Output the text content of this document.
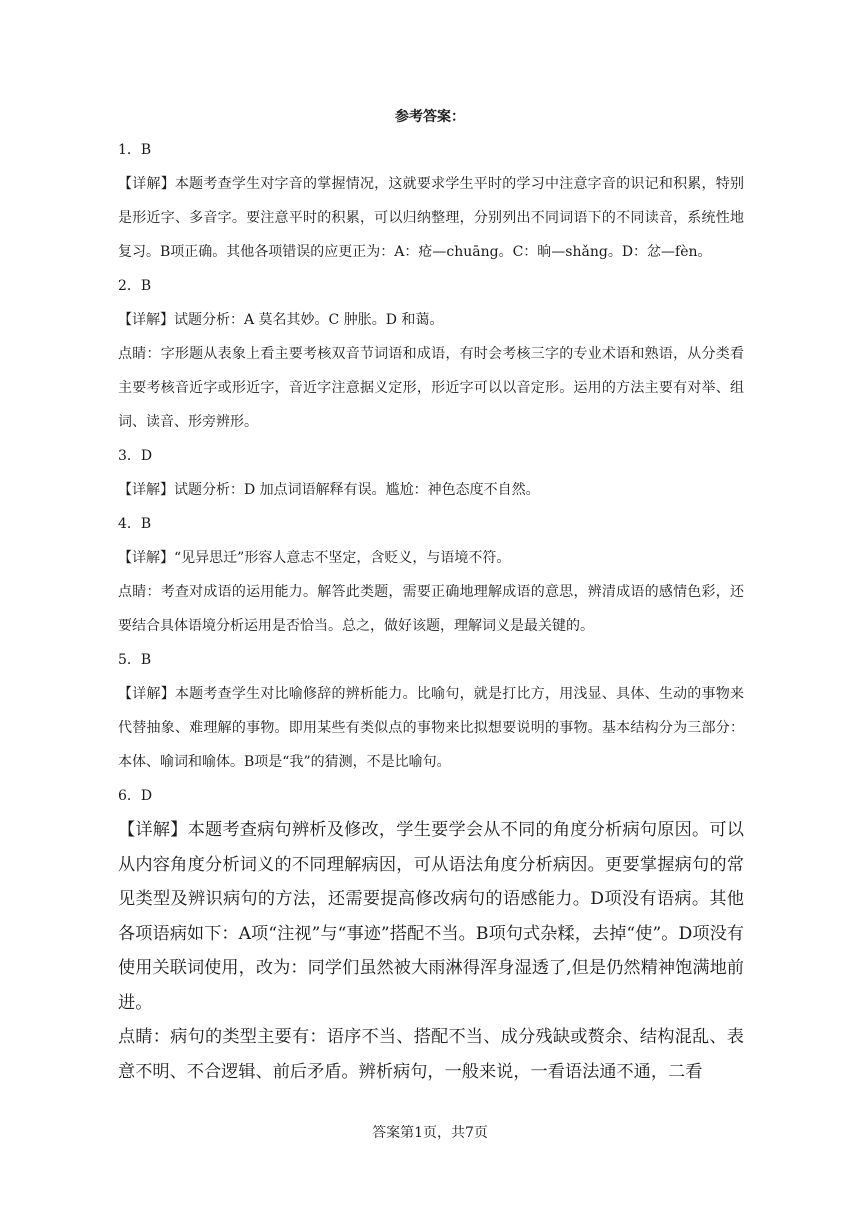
参考答案：

1．B

【详解】本题考查学生对字音的掌握情况，这就要求学生平时的学习中注意字音的识记和积累，特别是形近字、多音字。要注意平时的积累，可以归纳整理，分别列出不同词语下的不同读音，系统性地复习。B项正确。其他各项错误的应更正为：A：疮—chuāng。C：晌—shǎng。D：忿—fèn。

2．B

【详解】试题分析：A 莫名其妙。C 肿胀。D 和蔼。

点睛：字形题从表象上看主要考核双音节词语和成语，有时会考核三字的专业术语和熟语，从分类看主要考核音近字或形近字，音近字注意据义定形，形近字可以以音定形。运用的方法主要有对举、组词、读音、形旁辨形。

3．D

【详解】试题分析：D 加点词语解释有误。尴尬：神色态度不自然。

4．B

【详解】“见异思迁”形容人意志不坚定，含贬义，与语境不符。

点睛：考查对成语的运用能力。解答此类题，需要正确地理解成语的意思，辨清成语的感情色彩，还要结合具体语境分析运用是否恰当。总之，做好该题，理解词义是最关键的。

5．B

【详解】本题考查学生对比喻修辞的辨析能力。比喻句，就是打比方，用浅显、具体、生动的事物来代替抽象、难理解的事物。即用某些有类似点的事物来比拟想要说明的事物。基本结构分为三部分：本体、喻词和喻体。B项是“我”的猜测，不是比喻句。

6．D

【详解】本题考查病句辨析及修改，学生要学会从不同的角度分析病句原因。可以从内容角度分析词义的不同理解病因，可从语法角度分析病因。更要掌握病句的常见类型及辨识病句的方法，还需要提高修改病句的语感能力。D项没有语病。其他各项语病如下：A项“注视”与“事迹”搭配不当。B项句式杂糅，去掉“使”。D项没有使用关联词使用，改为：同学们虽然被大雨淋得浑身湿透了,但是仍然精神饱满地前进。

点睛：病句的类型主要有：语序不当、搭配不当、成分残缺或赘余、结构混乱、表意不明、不合逻辑、前后矛盾。辨析病句，一般来说，一看语法通不通，二看

答案第1页，共7页
